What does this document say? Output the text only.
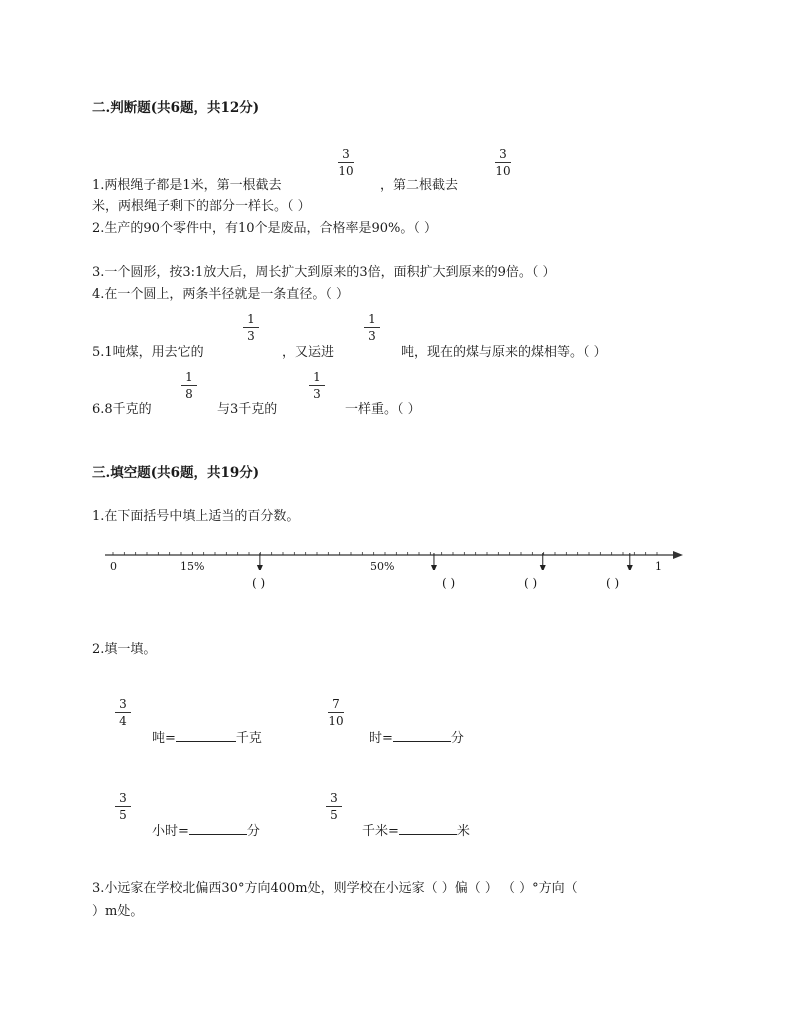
二.判断题(共6题，共12分)
1.两根绳子都是1米，第一根截去
3
10
，第二根截去
3
10
米，两根绳子剩下的部分一样长。（ ）
2.生产的90个零件中，有10个是废品，合格率是90%。（ ）
3.一个圆形，按3:1放大后，周长扩大到原来的3倍，面积扩大到原来的9倍。（ ）
4.在一个圆上，两条半径就是一条直径。（ ）
5.1吨煤，用去它的
1
3
，又运进
1
3
吨，现在的煤与原来的煤相等。（ ）
6.8千克的
1
8
与3千克的
1
3
一样重。（ ）
三.填空题(共6题，共19分)
1.在下面括号中填上适当的百分数。
0	15%	50%	1
( )	( )	( )	( )
2.填一填。
3
4
吨=	千克
7
10
时=	分
3
5
小时=	分
3
5
千米=	米
3.小远家在学校北偏西30°方向400m处，则学校在小远家（ ）偏（ ） （ ）°方向（
）m处。
